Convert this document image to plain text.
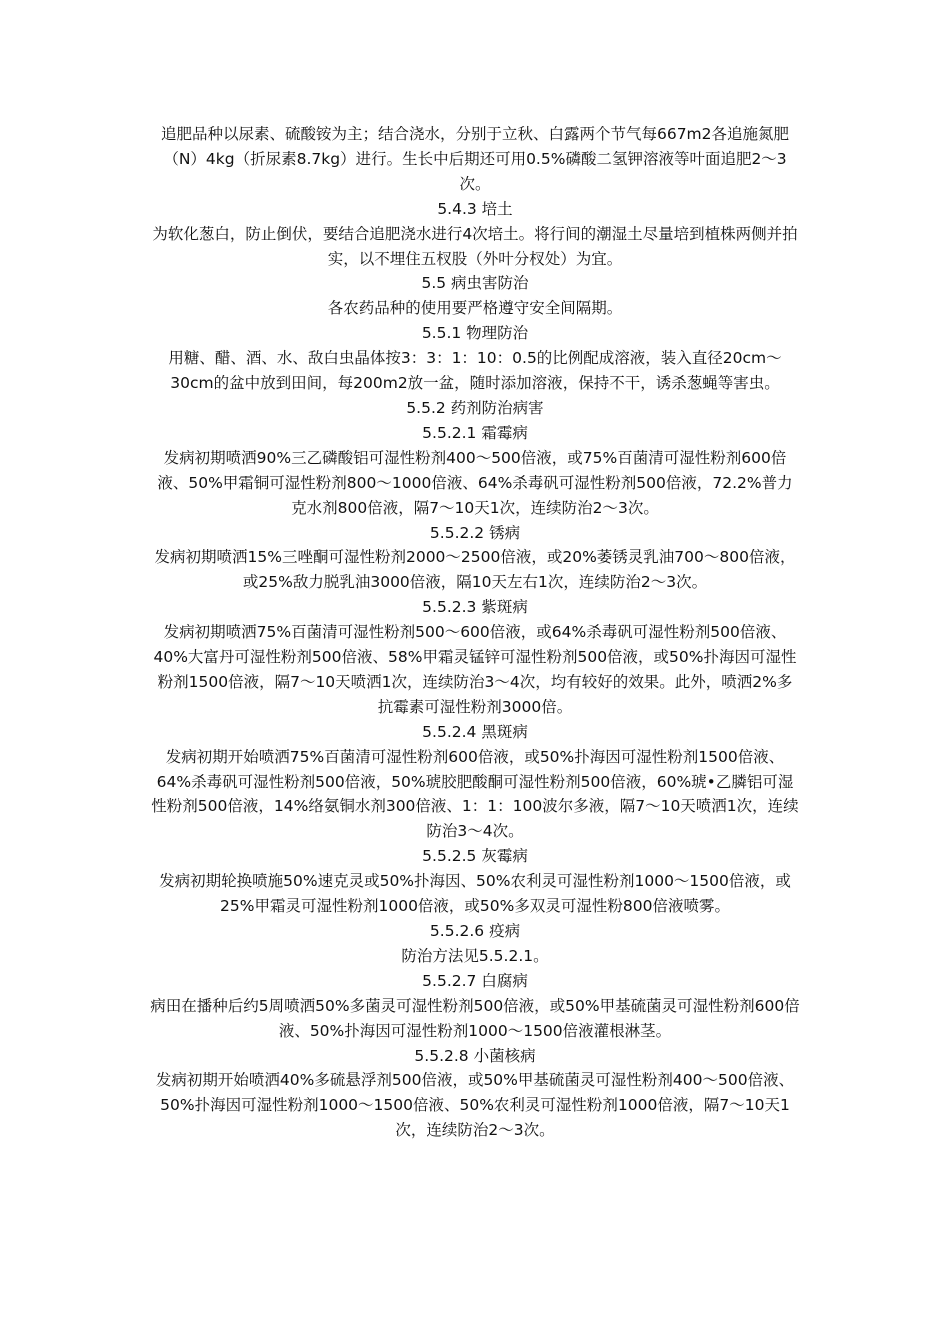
追肥品种以尿素、硫酸铵为主；结合浇水，分别于立秋、白露两个节气每667m2各追施氮肥（N）4kg（折尿素8.7kg）进行。生长中后期还可用0.5%磷酸二氢钾溶液等叶面追肥2～3次。

5.4.3 培土

为软化葱白，防止倒伏，要结合追肥浇水进行4次培土。将行间的潮湿土尽量培到植株两侧并拍实，以不埋住五杈股（外叶分杈处）为宜。

5.5 病虫害防治

各农药品种的使用要严格遵守安全间隔期。

5.5.1 物理防治

用糖、醋、酒、水、敌白虫晶体按3：3：1：10：0.5的比例配成溶液，装入直径20cm～30cm的盆中放到田间，每200m2放一盆，随时添加溶液，保持不干，诱杀葱蝇等害虫。

5.5.2 药剂防治病害

5.5.2.1 霜霉病

发病初期喷洒90%三乙磷酸铝可湿性粉剂400～500倍液，或75%百菌清可湿性粉剂600倍液、50%甲霜铜可湿性粉剂800～1000倍液、64%杀毒矾可湿性粉剂500倍液，72.2%普力克水剂800倍液，隔7～10天1次，连续防治2～3次。

5.5.2.2 锈病

发病初期喷洒15%三唑酮可湿性粉剂2000～2500倍液，或20%萎锈灵乳油700～800倍液，或25%敌力脱乳油3000倍液，隔10天左右1次，连续防治2～3次。

5.5.2.3 紫斑病

发病初期喷洒75%百菌清可湿性粉剂500～600倍液，或64%杀毒矾可湿性粉剂500倍液、40%大富丹可湿性粉剂500倍液、58%甲霜灵锰锌可湿性粉剂500倍液，或50%扑海因可湿性粉剂1500倍液，隔7～10天喷洒1次，连续防治3～4次，均有较好的效果。此外，喷洒2%多抗霉素可湿性粉剂3000倍。

5.5.2.4 黑斑病

发病初期开始喷洒75%百菌清可湿性粉剂600倍液，或50%扑海因可湿性粉剂1500倍液、64%杀毒矾可湿性粉剂500倍液，50%琥胶肥酸酮可湿性粉剂500倍液，60%琥•乙膦铝可湿性粉剂500倍液，14%络氨铜水剂300倍液、1：1：100波尔多液，隔7～10天喷洒1次，连续防治3～4次。

5.5.2.5 灰霉病

发病初期轮换喷施50%速克灵或50%扑海因、50%农利灵可湿性粉剂1000～1500倍液，或25%甲霜灵可湿性粉剂1000倍液，或50%多双灵可湿性粉800倍液喷雾。

5.5.2.6 疫病

防治方法见5.5.2.1。

5.5.2.7 白腐病

病田在播种后约5周喷洒50%多菌灵可湿性粉剂500倍液，或50%甲基硫菌灵可湿性粉剂600倍液、50%扑海因可湿性粉剂1000～1500倍液灌根淋茎。

5.5.2.8 小菌核病

发病初期开始喷洒40%多硫悬浮剂500倍液，或50%甲基硫菌灵可湿性粉剂400～500倍液、50%扑海因可湿性粉剂1000～1500倍液、50%农利灵可湿性粉剂1000倍液，隔7～10天1次，连续防治2～3次。
